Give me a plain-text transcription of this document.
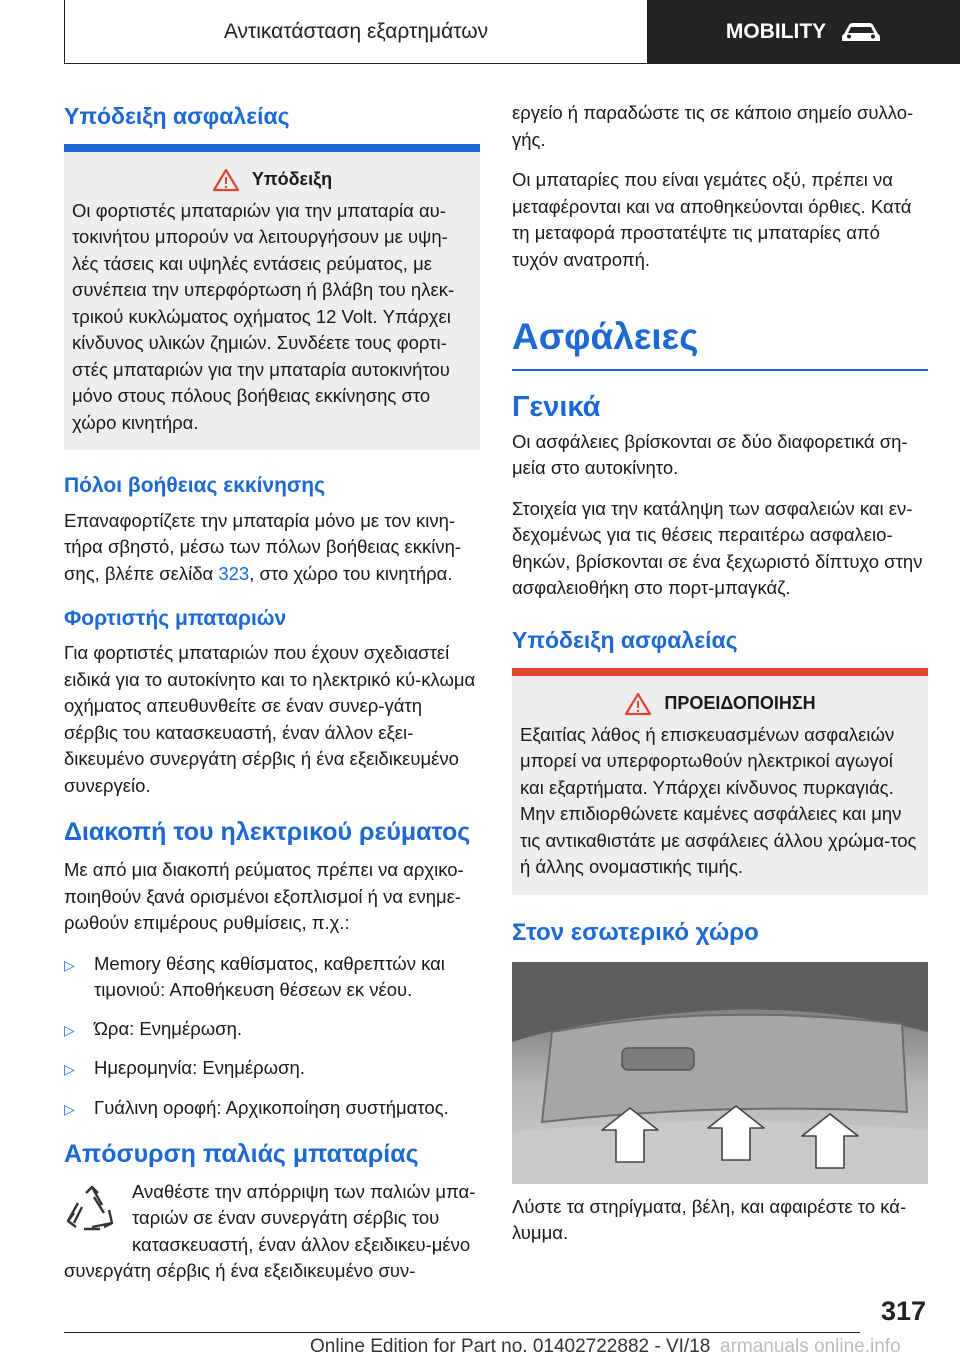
Αντικατάσταση εξαρτημάτων	MOBILITY
Υπόδειξη ασφαλείας
Υπόδειξη

Οι φορτιστές μπαταριών για την μπαταρία αυ‐τοκινήτου μπορούν να λειτουργήσουν με υψη‐λές τάσεις και υψηλές εντάσεις ρεύματος, με συνέπεια την υπερφόρτωση ή βλάβη του ηλεκ‐τρικού κυκλώματος οχήματος 12 Volt. Υπάρχει κίνδυνος υλικών ζημιών. Συνδέετε τους φορτι‐στές μπαταριών για την μπαταρία αυτοκινήτου μόνο στους πόλους βοήθειας εκκίνησης στο χώρο κινητήρα.

Πόλοι βοήθειας εκκίνησης

Επαναφορτίζετε την μπαταρία μόνο με τον κινη‐τήρα σβηστό, μέσω των πόλων βοήθειας εκκίνη‐σης, βλέπε σελίδα 323, στο χώρο του κινητήρα.

Φορτιστής μπαταριών

Για φορτιστές μπαταριών που έχουν σχεδιαστεί ειδικά για το αυτοκίνητο και το ηλεκτρικό κύ‐κλωμα οχήματος απευθυνθείτε σε έναν συνερ‐γάτη σέρβις του κατασκευαστή, έναν άλλον εξει‐δικευμένο συνεργάτη σέρβις ή ένα εξειδικευμένο συνεργείο.

Διακοπή του ηλεκτρικού ρεύματος

Με από μια διακοπή ρεύματος πρέπει να αρχικο‐ποιηθούν ξανά ορισμένοι εξοπλισμοί ή να ενημε‐ρωθούν επιμέρους ρυθμίσεις, π.χ.:

▷	Memory θέσης καθίσματος, καθρεπτών και τιμονιού: Αποθήκευση θέσεων εκ νέου.
▷	Ώρα: Ενημέρωση.
▷	Ημερομηνία: Ενημέρωση.
▷	Γυάλινη οροφή: Αρχικοποίηση συστήματος.
Απόσυρση παλιάς μπαταρίας

Αναθέστε την απόρριψη των παλιών μπα‐ταριών σε έναν συνεργάτη σέρβις του κατασκευαστή, έναν άλλον εξειδικευ‐μένο συνεργάτη σέρβις ή ένα εξειδικευμένο συν‐

εργείο ή παραδώστε τις σε κάποιο σημείο συλλο‐γής.

Οι μπαταρίες που είναι γεμάτες οξύ, πρέπει να μεταφέρονται και να αποθηκεύονται όρθιες. Κατά τη μεταφορά προστατέψτε τις μπαταρίες από τυχόν ανατροπή.

Ασφάλειες
Γενικά

Οι ασφάλειες βρίσκονται σε δύο διαφορετικά ση‐μεία στο αυτοκίνητο.

Στοιχεία για την κατάληψη των ασφαλειών και εν‐δεχομένως για τις θέσεις περαιτέρω ασφαλειο‐θηκών, βρίσκονται σε ένα ξεχωριστό δίπτυχο στην ασφαλειοθήκη στο πορτ-μπαγκάζ.

Υπόδειξη ασφαλείας
ΠΡΟΕΙΔΟΠΟΙΗΣΗ

Εξαιτίας λάθος ή επισκευασμένων ασφαλειών μπορεί να υπερφορτωθούν ηλεκτρικοί αγωγοί και εξαρτήματα. Υπάρχει κίνδυνος πυρκαγιάς. Μην επιδιορθώνετε καμένες ασφάλειες και μην τις αντικαθιστάτε με ασφάλειες άλλου χρώμα‐τος ή άλλης ονομαστικής τιμής.

Στον εσωτερικό χώρο

Λύστε τα στηρίγματα, βέλη, και αφαιρέστε το κά‐λυμμα.

317
Online Edition for Part no. 01402722882 - VI/18 armanuals online.info
